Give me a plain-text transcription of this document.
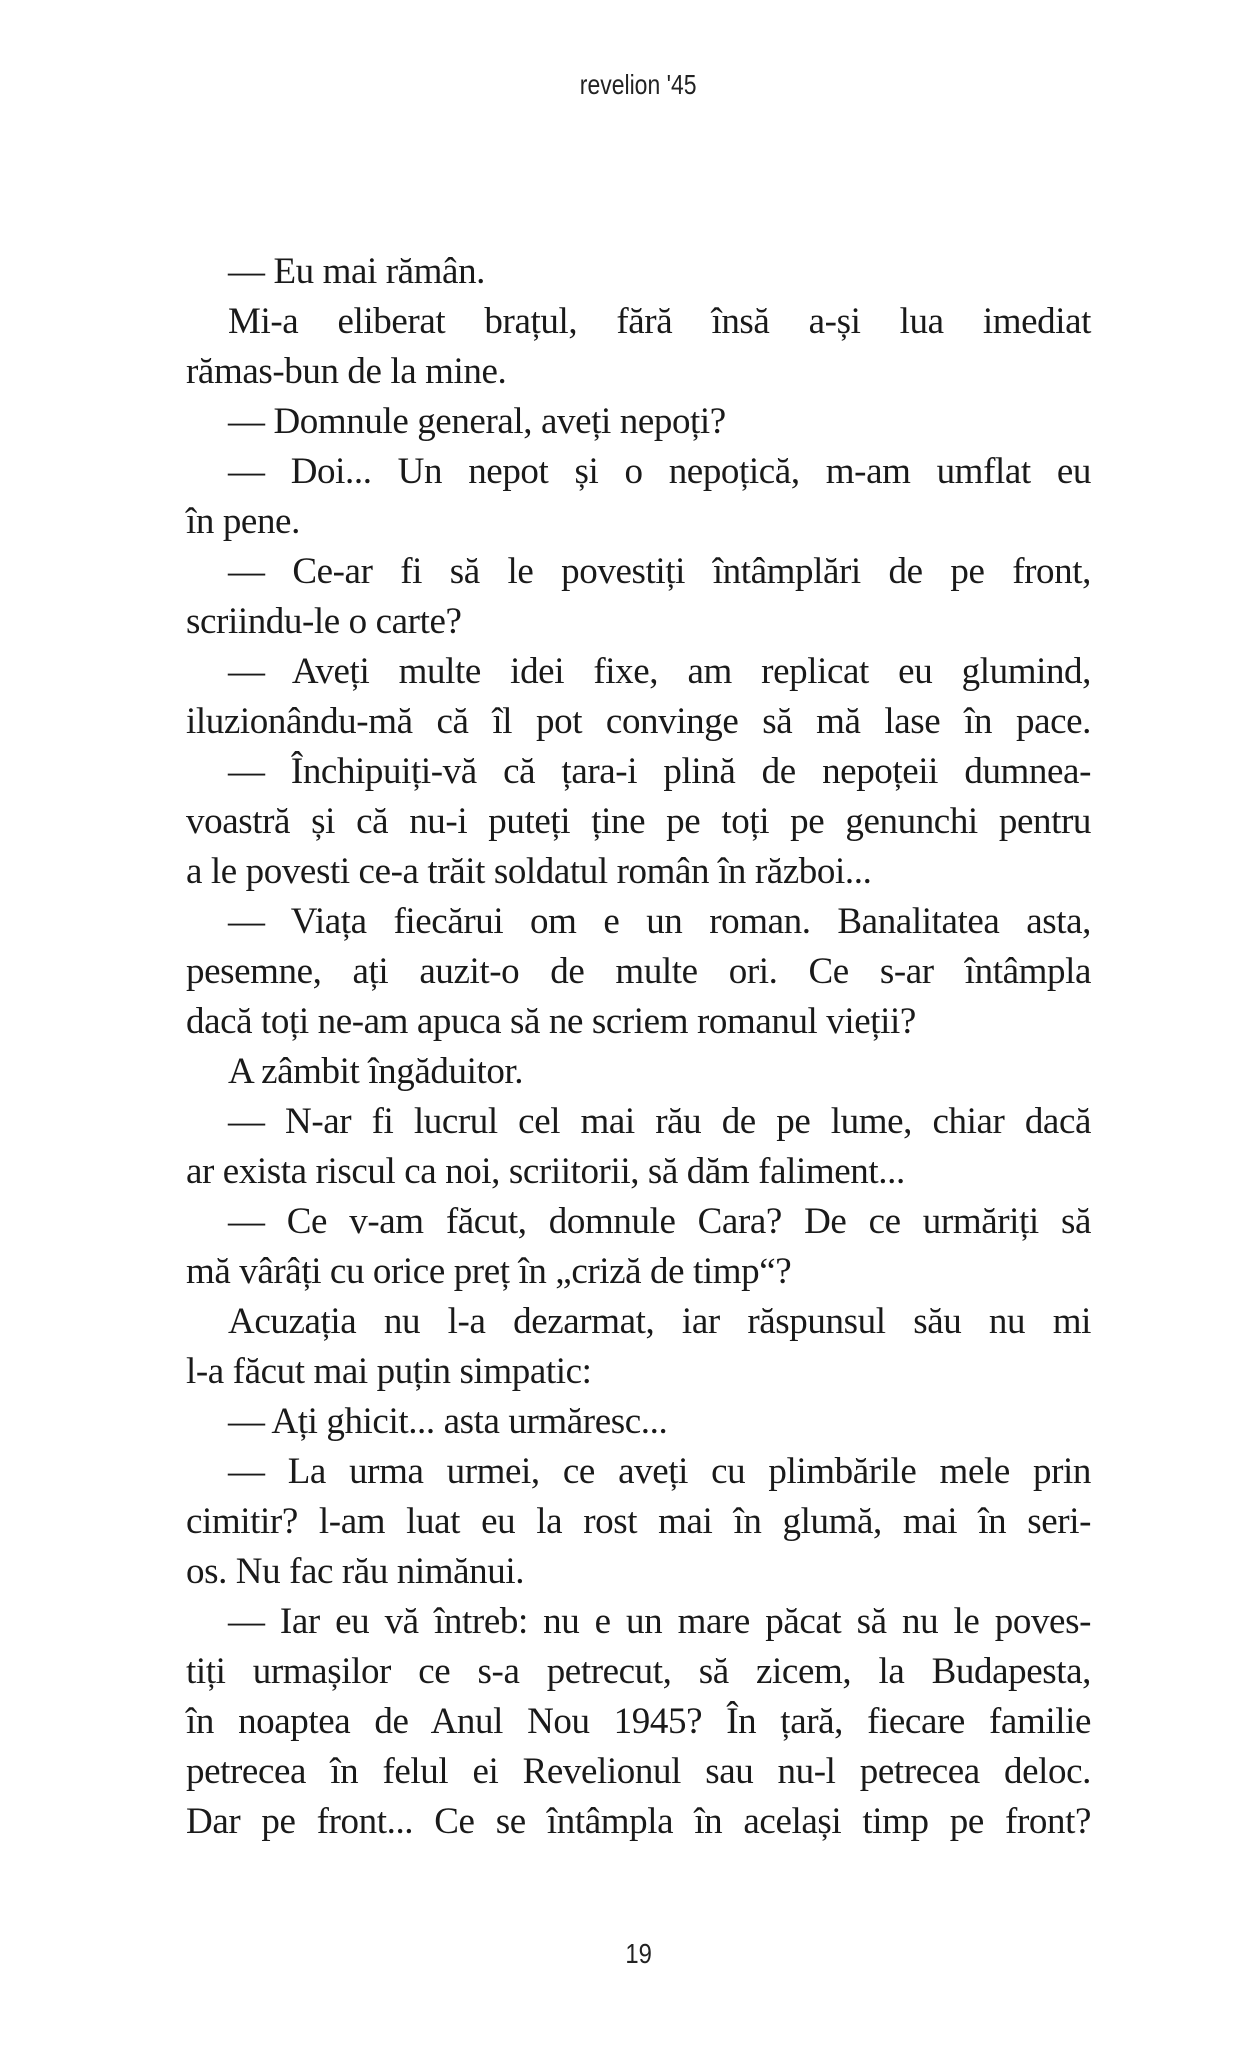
revelion '45
— Eu mai rămân.
Mi-a eliberat brațul, fără însă a-și lua imediat
rămas-bun de la mine.
— Domnule general, aveți nepoți?
— Doi... Un nepot și o nepoțică, m-am umflat eu
în pene.
— Ce-ar fi să le povestiți întâmplări de pe front,
scriindu-le o carte?
— Aveți multe idei fixe, am replicat eu glumind,
iluzionându-mă că îl pot convinge să mă lase în pace.
— Închipuiți-vă că țara-i plină de nepoțeii dumnea-
voastră și că nu-i puteți ține pe toți pe genunchi pentru
a le povesti ce-a trăit soldatul român în război...
— Viața fiecărui om e un roman. Banalitatea asta,
pesemne, ați auzit-o de multe ori. Ce s-ar întâmpla
dacă toți ne-am apuca să ne scriem romanul vieții?
A zâmbit îngăduitor.
— N-ar fi lucrul cel mai rău de pe lume, chiar dacă
ar exista riscul ca noi, scriitorii, să dăm faliment...
— Ce v-am făcut, domnule Cara? De ce urmăriți să
mă vârâți cu orice preț în „criză de timp“?
Acuzația nu l-a dezarmat, iar răspunsul său nu mi
l-a făcut mai puțin simpatic:
— Ați ghicit... asta urmăresc...
— La urma urmei, ce aveți cu plimbările mele prin
cimitir? l-am luat eu la rost mai în glumă, mai în seri-
os. Nu fac rău nimănui.
— Iar eu vă întreb: nu e un mare păcat să nu le poves-
tiți urmașilor ce s-a petrecut, să zicem, la Budapesta,
în noaptea de Anul Nou 1945? În țară, fiecare familie
petrecea în felul ei Revelionul sau nu-l petrecea deloc.
Dar pe front... Ce se întâmpla în același timp pe front?
19
